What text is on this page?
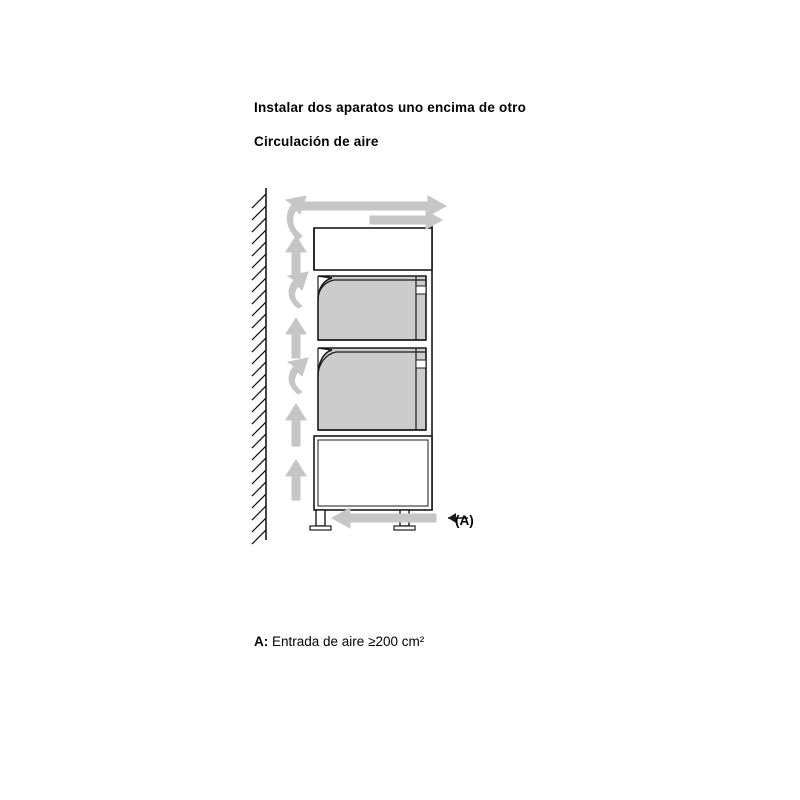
Instalar dos aparatos uno encima de otro
Circulación de aire
(A)
A: Entrada de aire ≥200 cm²
